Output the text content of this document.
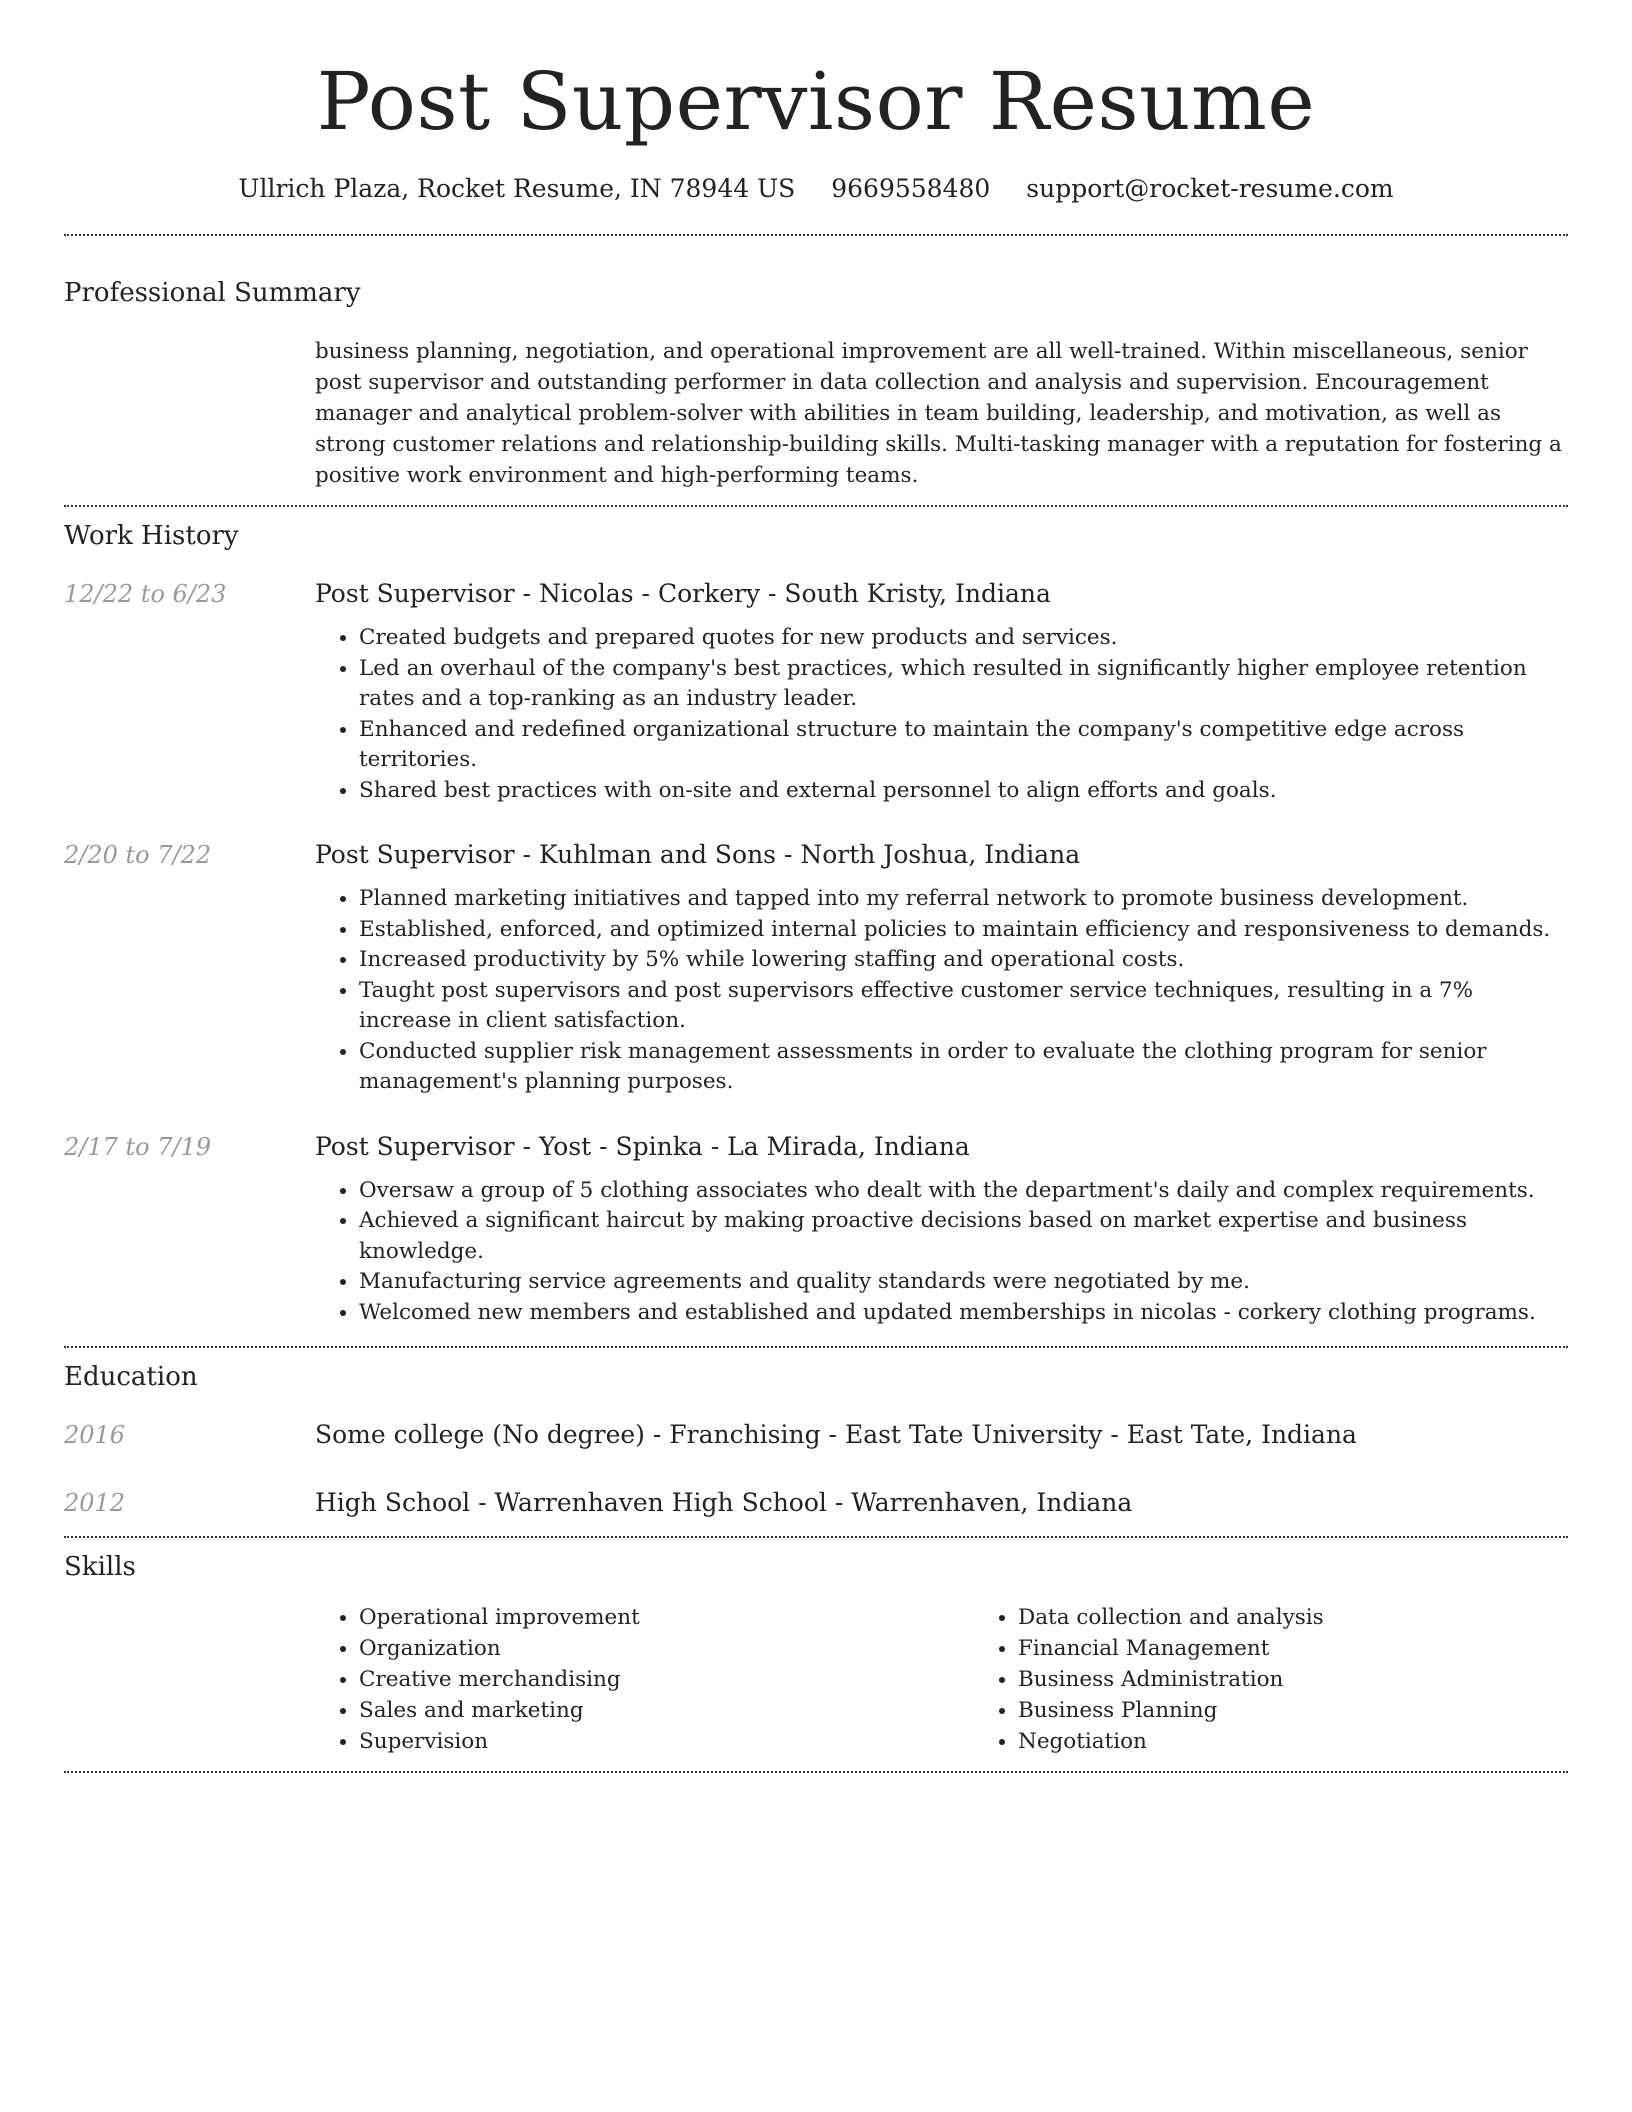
Post Supervisor Resume
Ullrich Plaza, Rocket Resume, IN 78944 US 9669558480 support@rocket-resume.com
Professional Summary
business planning, negotiation, and operational improvement are all well-trained. Within miscellaneous, senior post supervisor and outstanding performer in data collection and analysis and supervision. Encouragement manager and analytical problem-solver with abilities in team building, leadership, and motivation, as well as strong customer relations and relationship-building skills. Multi-tasking manager with a reputation for fostering a positive work environment and high-performing teams.
Work History
12/22 to 6/23	Post Supervisor - Nicolas - Corkery - South Kristy, Indiana
• Created budgets and prepared quotes for new products and services.
• Led an overhaul of the company's best practices, which resulted in significantly higher employee retention rates and a top-ranking as an industry leader.
• Enhanced and redefined organizational structure to maintain the company's competitive edge across territories.
• Shared best practices with on-site and external personnel to align efforts and goals.
2/20 to 7/22	Post Supervisor - Kuhlman and Sons - North Joshua, Indiana
• Planned marketing initiatives and tapped into my referral network to promote business development.
• Established, enforced, and optimized internal policies to maintain efficiency and responsiveness to demands.
• Increased productivity by 5% while lowering staffing and operational costs.
• Taught post supervisors and post supervisors effective customer service techniques, resulting in a 7% increase in client satisfaction.
• Conducted supplier risk management assessments in order to evaluate the clothing program for senior management's planning purposes.
2/17 to 7/19	Post Supervisor - Yost - Spinka - La Mirada, Indiana
• Oversaw a group of 5 clothing associates who dealt with the department's daily and complex requirements.
• Achieved a significant haircut by making proactive decisions based on market expertise and business knowledge.
• Manufacturing service agreements and quality standards were negotiated by me.
• Welcomed new members and established and updated memberships in nicolas - corkery clothing programs.
Education
2016	Some college (No degree) - Franchising - East Tate University - East Tate, Indiana
2012	High School - Warrenhaven High School - Warrenhaven, Indiana
Skills
• Operational improvement
• Organization
• Creative merchandising
• Sales and marketing
• Supervision
• Data collection and analysis
• Financial Management
• Business Administration
• Business Planning
• Negotiation
